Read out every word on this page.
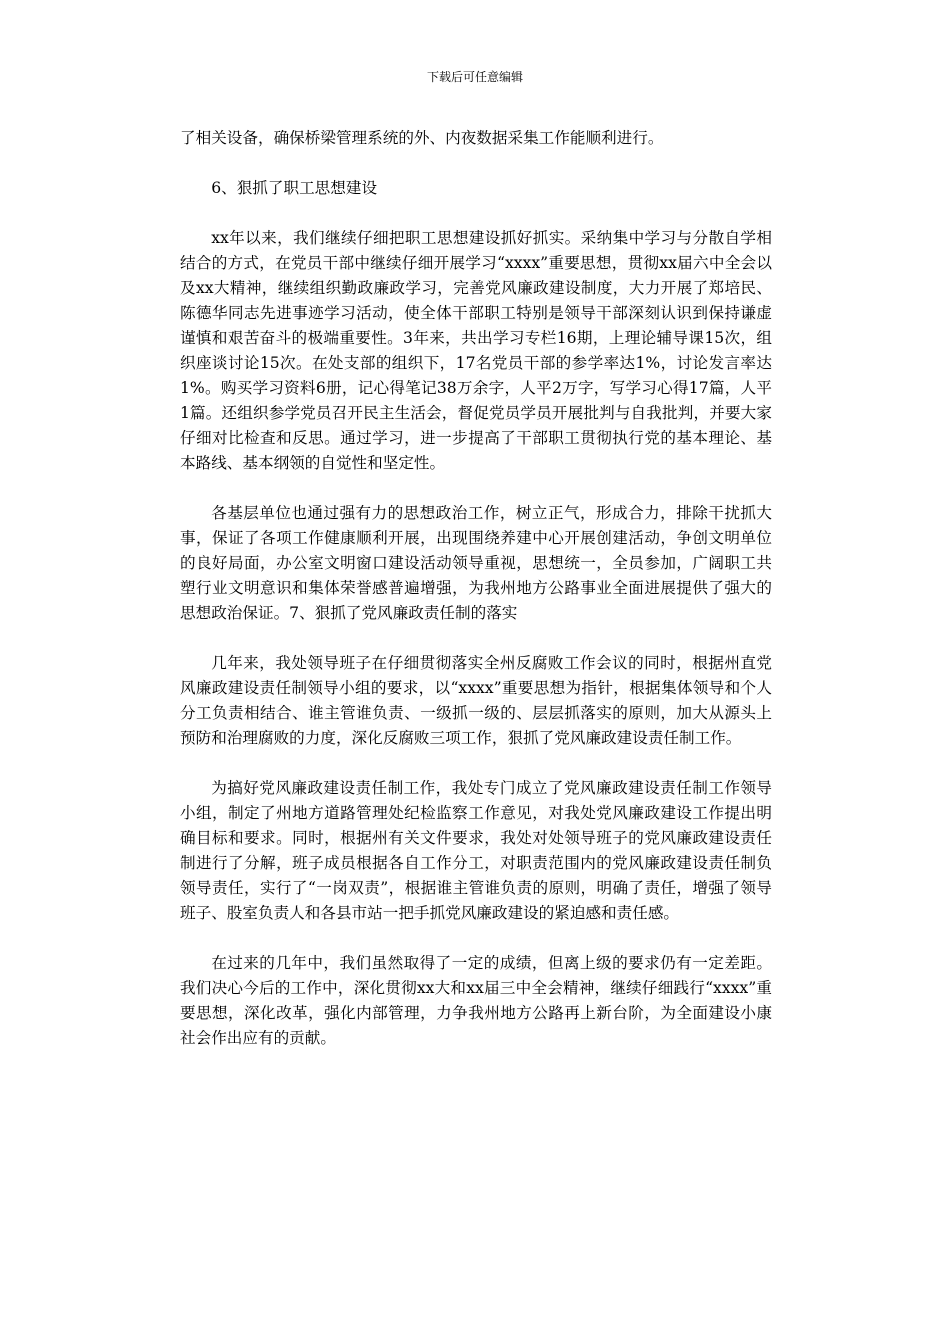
下载后可任意编辑

了相关设备，确保桥梁管理系统的外、内夜数据采集工作能顺利进行。

6、狠抓了职工思想建设

xx年以来，我们继续仔细把职工思想建设抓好抓实。采纳集中学习与分散自学相结合的方式，在党员干部中继续仔细开展学习“xxxx”重要思想，贯彻xx届六中全会以及xx大精神，继续组织勤政廉政学习，完善党风廉政建设制度，大力开展了郑培民、陈德华同志先进事迹学习活动，使全体干部职工特别是领导干部深刻认识到保持谦虚谨慎和艰苦奋斗的极端重要性。3年来，共出学习专栏16期，上理论辅导课15次，组织座谈讨论15次。在处支部的组织下，17名党员干部的参学率达1%，讨论发言率达1%。购买学习资料6册，记心得笔记38万余字，人平2万字，写学习心得17篇，人平1篇。还组织参学党员召开民主生活会，督促党员学员开展批判与自我批判，并要大家仔细对比检查和反思。通过学习，进一步提高了干部职工贯彻执行党的基本理论、基本路线、基本纲领的自觉性和坚定性。

各基层单位也通过强有力的思想政治工作，树立正气，形成合力，排除干扰抓大事，保证了各项工作健康顺利开展，出现围绕养建中心开展创建活动，争创文明单位的良好局面，办公室文明窗口建设活动领导重视，思想统一，全员参加，广阔职工共塑行业文明意识和集体荣誉感普遍增强，为我州地方公路事业全面进展提供了强大的思想政治保证。7、狠抓了党风廉政责任制的落实

几年来，我处领导班子在仔细贯彻落实全州反腐败工作会议的同时，根据州直党风廉政建设责任制领导小组的要求，以“xxxx”重要思想为指针，根据集体领导和个人分工负责相结合、谁主管谁负责、一级抓一级的、层层抓落实的原则，加大从源头上预防和治理腐败的力度，深化反腐败三项工作，狠抓了党风廉政建设责任制工作。

为搞好党风廉政建设责任制工作，我处专门成立了党风廉政建设责任制工作领导小组，制定了州地方道路管理处纪检监察工作意见，对我处党风廉政建设工作提出明确目标和要求。同时，根据州有关文件要求，我处对处领导班子的党风廉政建设责任制进行了分解，班子成员根据各自工作分工，对职责范围内的党风廉政建设责任制负领导责任，实行了“一岗双责”，根据谁主管谁负责的原则，明确了责任，增强了领导班子、股室负责人和各县市站一把手抓党风廉政建设的紧迫感和责任感。

在过来的几年中，我们虽然取得了一定的成绩，但离上级的要求仍有一定差距。我们决心今后的工作中，深化贯彻xx大和xx届三中全会精神，继续仔细践行“xxxx”重要思想，深化改革，强化内部管理，力争我州地方公路再上新台阶，为全面建设小康社会作出应有的贡献。
